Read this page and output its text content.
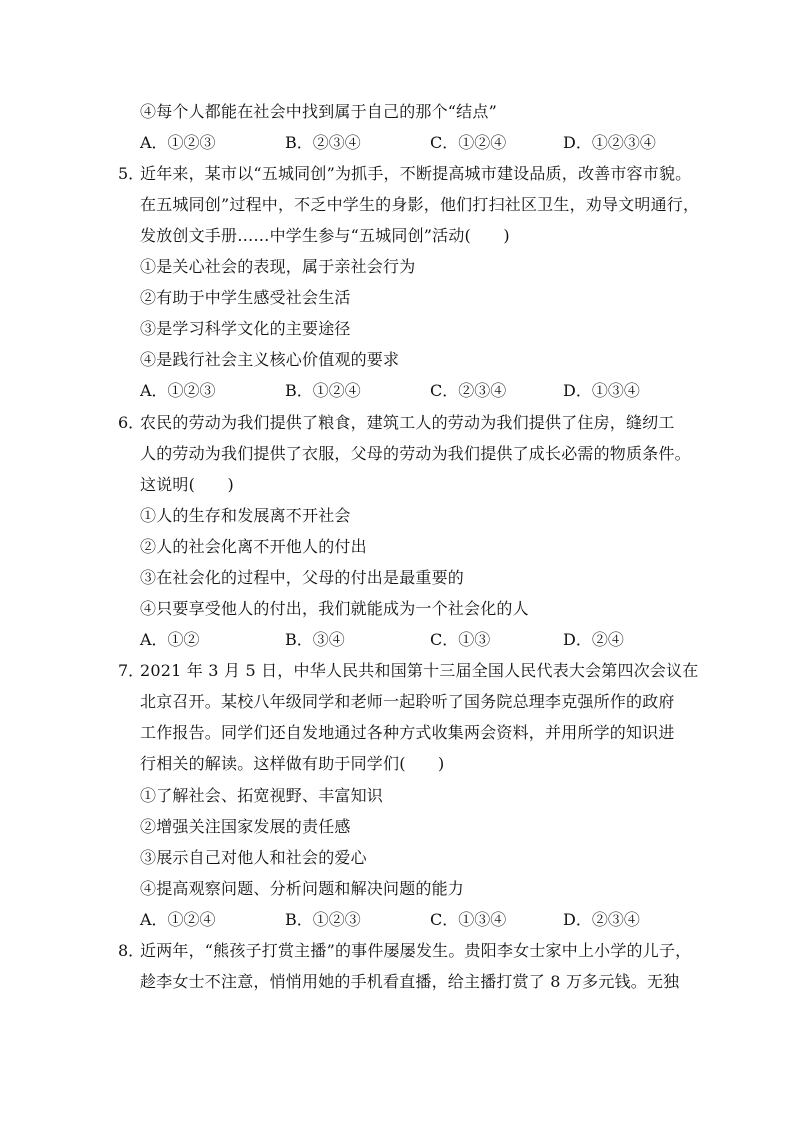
④每个人都能在社会中找到属于自己的那个“结点”
A．①②③	B．②③④	C．①②④	D．①②③④
5．
近年来，某市以“五城同创”为抓手，不断提高城市建设品质，改善市容市貌。
在五城同创”过程中，不乏中学生的身影，他们打扫社区卫生，劝导文明通行，
发放创文手册……中学生参与“五城同创”活动(　　)
①是关心社会的表现，属于亲社会行为
②有助于中学生感受社会生活
③是学习科学文化的主要途径
④是践行社会主义核心价值观的要求
A．①②③	B．①②④	C．②③④	D．①③④
6．
农民的劳动为我们提供了粮食，建筑工人的劳动为我们提供了住房，缝纫工
人的劳动为我们提供了衣服，父母的劳动为我们提供了成长必需的物质条件。
这说明(　　)
①人的生存和发展离不开社会
②人的社会化离不开他人的付出
③在社会化的过程中，父母的付出是最重要的
④只要享受他人的付出，我们就能成为一个社会化的人
A．①②	B．③④	C．①③	D．②④
7．
2021 年 3 月 5 日，中华人民共和国第十三届全国人民代表大会第四次会议在
北京召开。某校八年级同学和老师一起聆听了国务院总理李克强所作的政府
工作报告。同学们还自发地通过各种方式收集两会资料，并用所学的知识进
行相关的解读。这样做有助于同学们(　　)
①了解社会、拓宽视野、丰富知识
②增强关注国家发展的责任感
③展示自己对他人和社会的爱心
④提高观察问题、分析问题和解决问题的能力
A．①②④	B．①②③	C．①③④	D．②③④
8．
近两年，“熊孩子打赏主播”的事件屡屡发生。贵阳李女士家中上小学的儿子，
趁李女士不注意，悄悄用她的手机看直播，给主播打赏了 8 万多元钱。无独
